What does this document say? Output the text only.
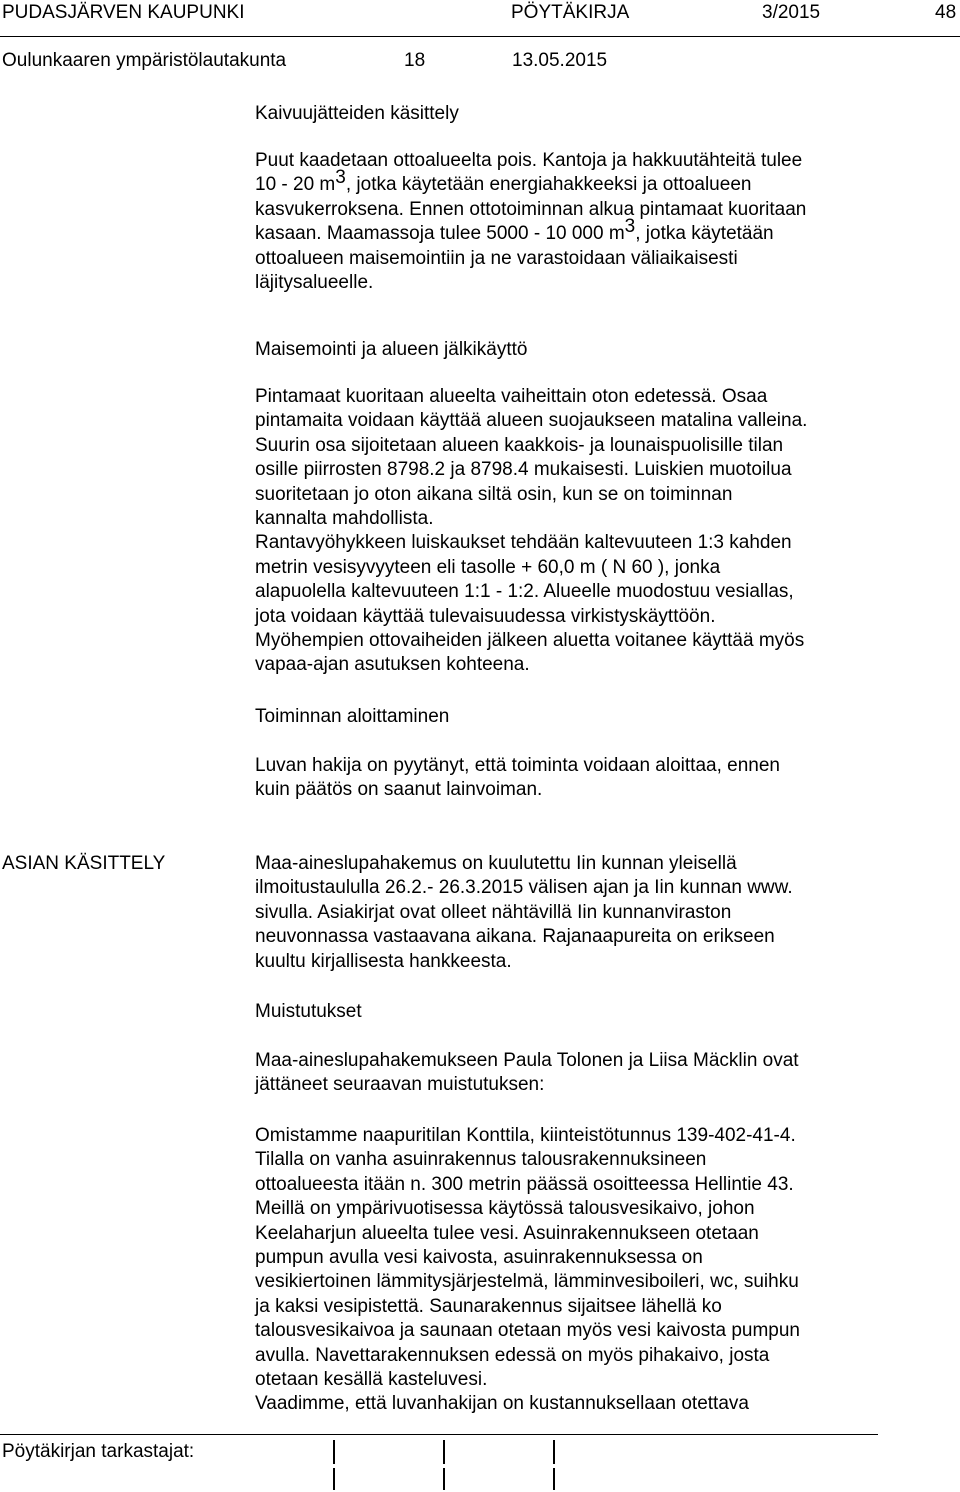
PUDASJÄRVEN KAUPUNKI	PÖYTÄKIRJA	3/2015	48
Oulunkaaren ympäristölautakunta	18	13.05.2015
Kaivuujätteiden käsittely
Puut kaadetaan ottoalueelta pois. Kantoja ja hakkuutähteitä tulee
10 - 20 $m^3$, jotka käytetään energiahakkeeksi ja ottoalueen
kasvukerroksena. Ennen ottotoiminnan alkua pintamaat kuoritaan
kasaan. Maamassoja tulee 5000 - 10 000 $m^3$, jotka käytetään
ottoalueen maisemointiin ja ne varastoidaan väliaikaisesti
läjitysalueelle.
Maisemointi ja alueen jälkikäyttö
Pintamaat kuoritaan alueelta vaiheittain oton edetessä. Osaa
pintamaita voidaan käyttää alueen suojaukseen matalina valleina.
Suurin osa sijoitetaan alueen kaakkois- ja lounaispuolisille tilan
osille piirrosten 8798.2 ja 8798.4 mukaisesti. Luiskien muotoilua
suoritetaan jo oton aikana siltä osin, kun se on toiminnan
kannalta mahdollista.
Rantavyöhykkeen luiskaukset tehdään kaltevuuteen 1:3 kahden
metrin vesisyvyyteen eli tasolle + 60,0 m ( N 60 ), jonka
alapuolella kaltevuuteen 1:1 - 1:2. Alueelle muodostuu vesiallas,
jota voidaan käyttää tulevaisuudessa virkistyskäyttöön.
Myöhempien ottovaiheiden jälkeen aluetta voitanee käyttää myös
vapaa-ajan asutuksen kohteena.
Toiminnan aloittaminen
Luvan hakija on pyytänyt, että toiminta voidaan aloittaa, ennen
kuin päätös on saanut lainvoiman.
ASIAN KÄSITTELY	Maa-aineslupahakemus on kuulutettu Iin kunnan yleisellä
ilmoitustaululla 26.2.- 26.3.2015 välisen ajan ja Iin kunnan www.
sivulla. Asiakirjat ovat olleet nähtävillä Iin kunnanviraston
neuvonnassa vastaavana aikana. Rajanaapureita on erikseen
kuultu kirjallisesta hankkeesta.
Muistutukset
Maa-aineslupahakemukseen Paula Tolonen ja Liisa Mäcklin ovat
jättäneet seuraavan muistutuksen:
Omistamme naapuritilan Konttila, kiinteistötunnus 139-402-41-4.
Tilalla on vanha asuinrakennus talousrakennuksineen
ottoalueesta itään n. 300 metrin päässä osoitteessa Hellintie 43.
Meillä on ympärivuotisessa käytössä talousvesikaivo, johon
Keelaharjun alueelta tulee vesi. Asuinrakennukseen otetaan
pumpun avulla vesi kaivosta, asuinrakennuksessa on
vesikiertoinen lämmitysjärjestelmä, lämminvesiboileri, wc, suihku
ja kaksi vesipistettä. Saunarakennus sijaitsee lähellä ko
talousvesikaivoa ja saunaan otetaan myös vesi kaivosta pumpun
avulla. Navettarakennuksen edessä on myös pihakaivo, josta
otetaan kesällä kasteluvesi.
Vaadimme, että luvanhakijan on kustannuksellaan otettava
Pöytäkirjan tarkastajat:
